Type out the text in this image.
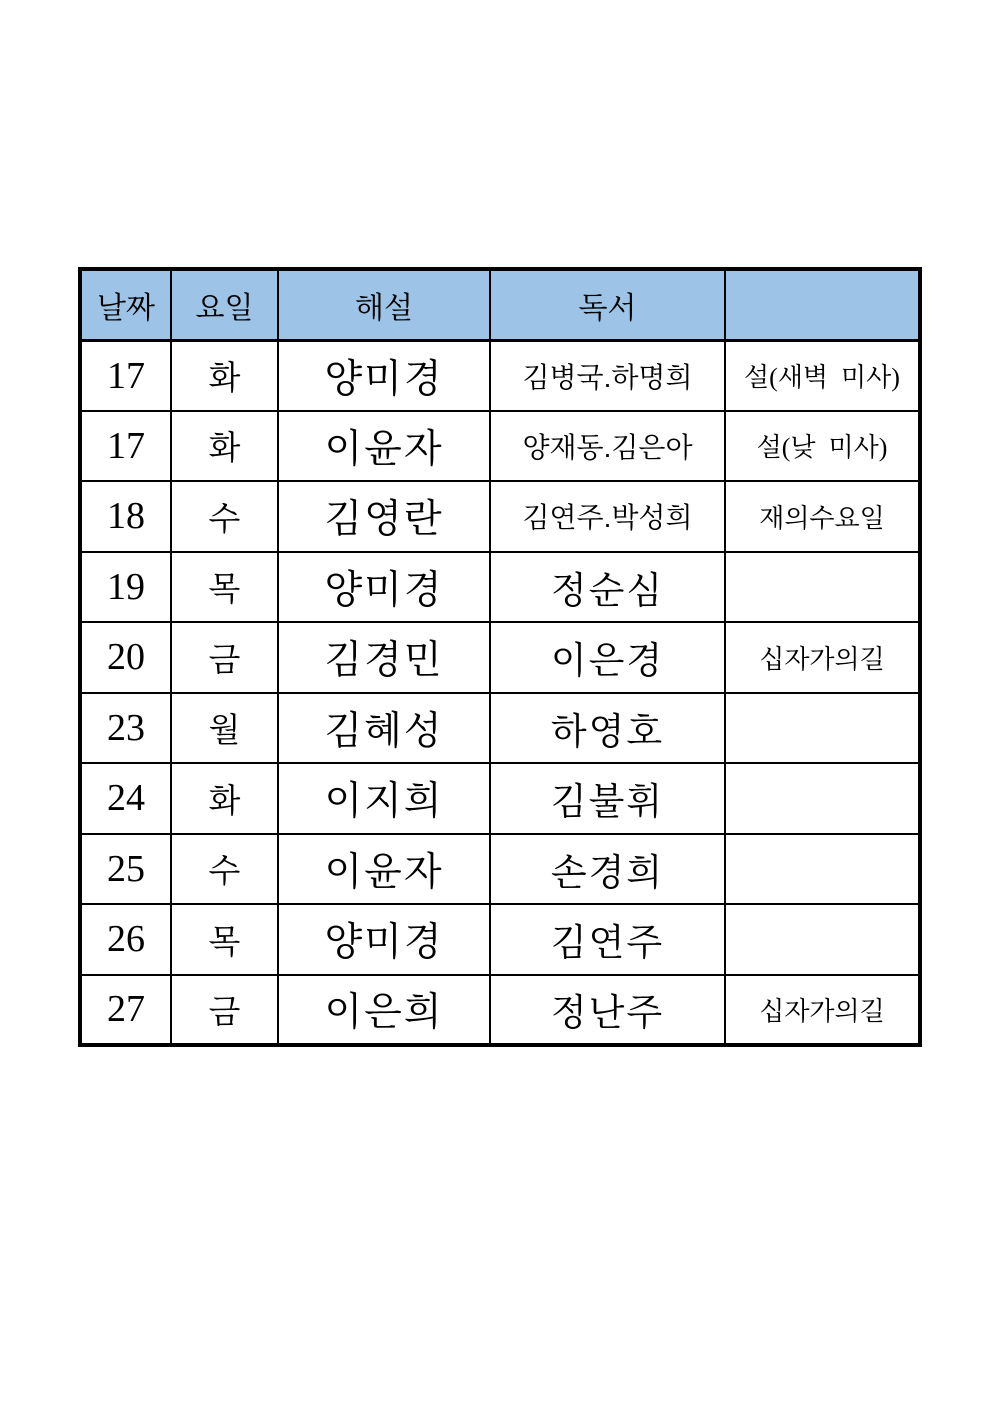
날짜	요일	해설	독서	
17	화	양미경	김병국.하명희	설(새벽  미사)
17	화	이윤자	양재동.김은아	설(낮  미사)
18	수	김영란	김연주.박성희	재의수요일
19	목	양미경	정순심	
20	금	김경민	이은경	십자가의길
23	월	김혜성	하영호	
24	화	이지희	김불휘	
25	수	이윤자	손경희	
26	목	양미경	김연주	
27	금	이은희	정난주	십자가의길
